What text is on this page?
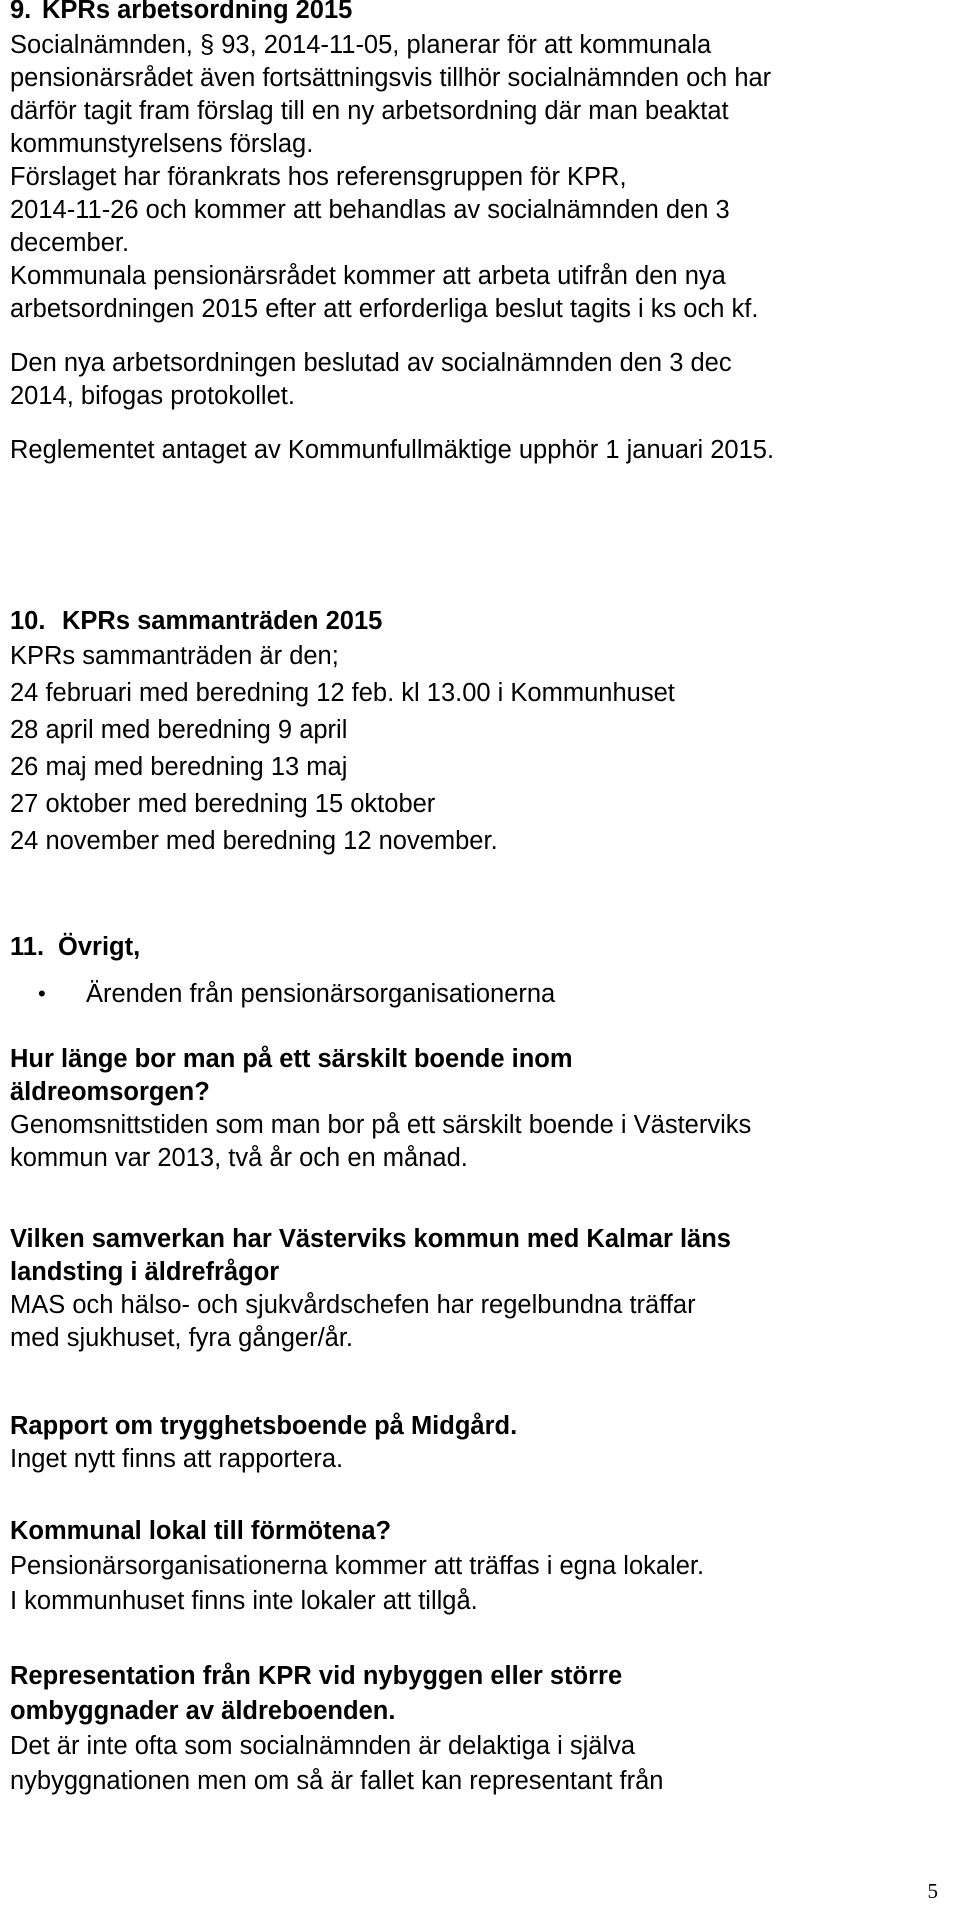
9. KPRs arbetsordning 2015
Socialnämnden, § 93, 2014-11-05, planerar för att kommunala
pensionärsrådet även fortsättningsvis tillhör socialnämnden och har
därför tagit fram förslag till en ny arbetsordning där man beaktat
kommunstyrelsens förslag.
Förslaget har förankrats hos referensgruppen för KPR,
2014-11-26 och kommer att behandlas av socialnämnden den 3
december.
Kommunala pensionärsrådet kommer att arbeta utifrån den nya
arbetsordningen 2015 efter att erforderliga beslut tagits i ks och kf.
Den nya arbetsordningen beslutad av socialnämnden den 3 dec
2014, bifogas protokollet.
Reglementet antaget av Kommunfullmäktige upphör 1 januari 2015.
10. KPRs sammanträden 2015
KPRs sammanträden är den;
24 februari med beredning 12 feb. kl 13.00 i Kommunhuset
28 april med beredning 9 april
26 maj med beredning 13 maj
27 oktober med beredning 15 oktober
24 november med beredning 12 november.
11. Övrigt,
• Ärenden från pensionärsorganisationerna
Hur länge bor man på ett särskilt boende inom
äldreomsorgen?
Genomsnittstiden som man bor på ett särskilt boende i Västerviks
kommun var 2013, två år och en månad.
Vilken samverkan har Västerviks kommun med Kalmar läns
landsting i äldrefrågor
MAS och hälso- och sjukvårdschefen har regelbundna träffar
med sjukhuset, fyra gånger/år.
Rapport om trygghetsboende på Midgård.
Inget nytt finns att rapportera.
Kommunal lokal till förmötena?
Pensionärsorganisationerna kommer att träffas i egna lokaler.
I kommunhuset finns inte lokaler att tillgå.
Representation från KPR vid nybyggen eller större
ombyggnader av äldreboenden.
Det är inte ofta som socialnämnden är delaktiga i själva
nybyggnationen men om så är fallet kan representant från
5
